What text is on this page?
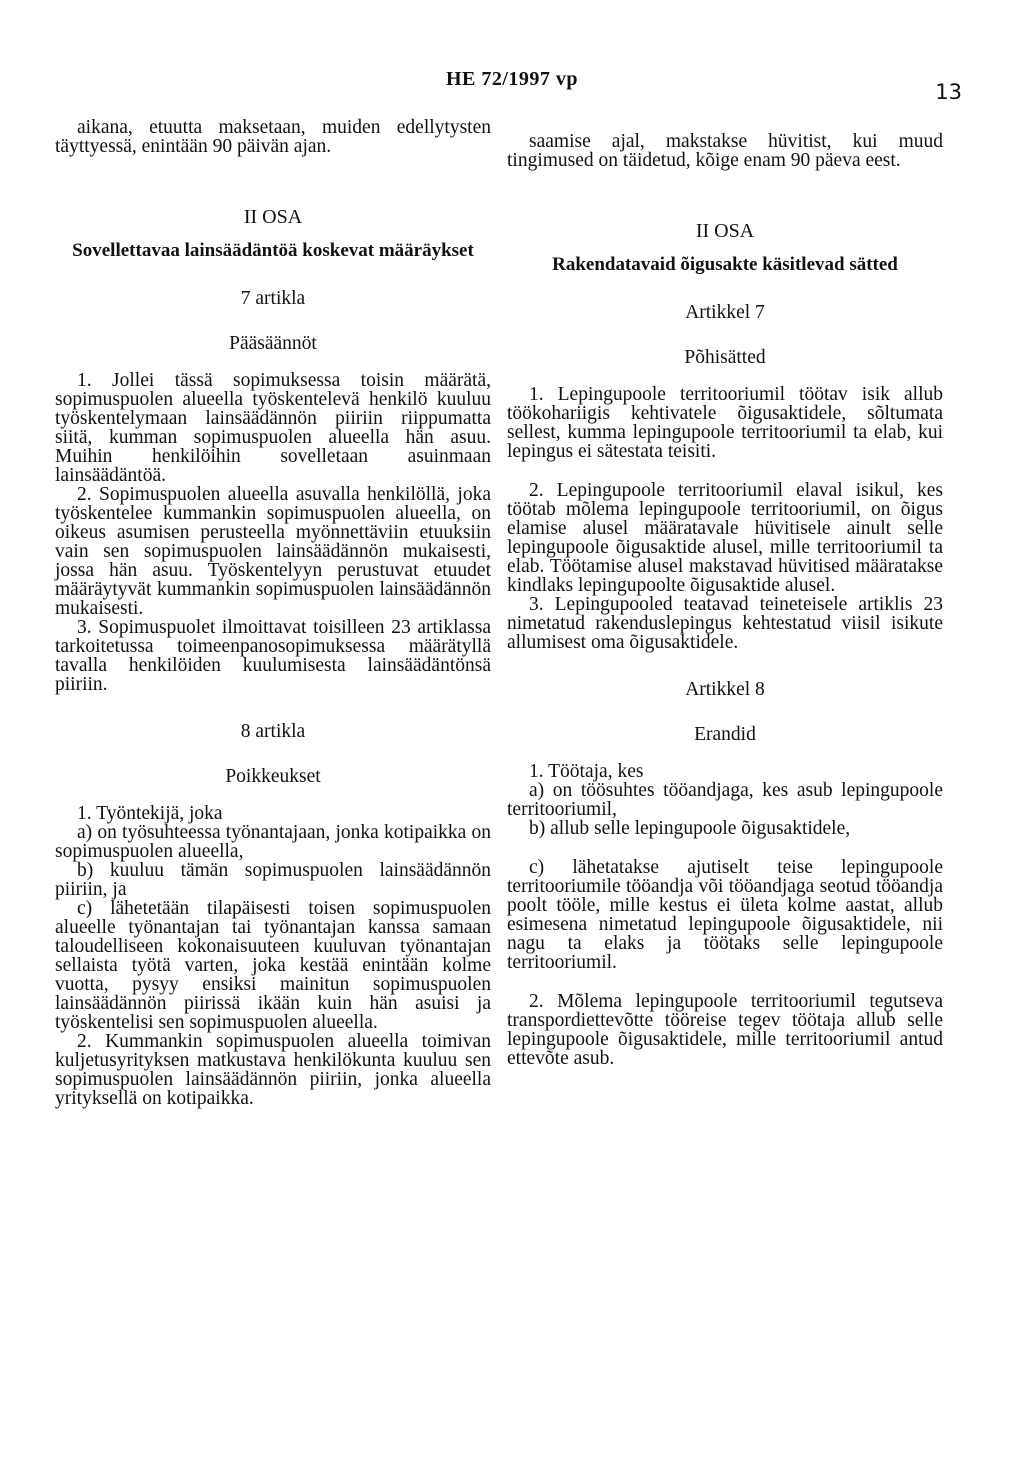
HE 72/1997 vp
13

aikana, etuutta maksetaan, muiden edellytysten täyttyessä, enintään 90 päivän ajan.

II OSA
Sovellettavaa lainsäädäntöä koskevat määräykset
7 artikla
Pääsäännöt

1. Jollei tässä sopimuksessa toisin määrätä, sopimuspuolen alueella työskentelevä henkilö kuuluu työskentelymaan lainsäädännön piiriin riippumatta siitä, kumman sopimuspuolen alueella hän asuu. Muihin henkilöihin sovelletaan asuinmaan lainsäädäntöä.

2. Sopimuspuolen alueella asuvalla henkilöllä, joka työskentelee kummankin sopimuspuolen alueella, on oikeus asumisen perusteella myönnettäviin etuuksiin vain sen sopimuspuolen lainsäädännön mukaisesti, jossa hän asuu. Työskentelyyn perustuvat etuudet määräytyvät kummankin sopimuspuolen lainsäädännön mukaisesti.

3. Sopimuspuolet ilmoittavat toisilleen 23 artiklassa tarkoitetussa toimeenpanosopimuksessa määrätyllä tavalla henkilöiden kuulumisesta lainsäädäntönsä piiriin.

8 artikla
Poikkeukset

1. Työntekijä, joka

a) on työsuhteessa työnantajaan, jonka kotipaikka on sopimuspuolen alueella,

b) kuuluu tämän sopimuspuolen lainsäädännön piiriin, ja

c) lähetetään tilapäisesti toisen sopimuspuolen alueelle työnantajan tai työnantajan kanssa samaan taloudelliseen kokonaisuuteen kuuluvan työnantajan sellaista työtä varten, joka kestää enintään kolme vuotta, pysyy ensiksi mainitun sopimuspuolen lainsäädännön piirissä ikään kuin hän asuisi ja työskentelisi sen sopimuspuolen alueella.

2. Kummankin sopimuspuolen alueella toimivan kuljetusyrityksen matkustava henkilökunta kuuluu sen sopimuspuolen lainsäädännön piiriin, jonka alueella yrityksellä on kotipaikka.

saamise ajal, makstakse hüvitist, kui muud tingimused on täidetud, kõige enam 90 päeva eest.

II OSA
Rakendatavaid õigusakte käsitlevad sätted
Artikkel 7
Põhisätted

1. Lepingupoole territooriumil töötav isik allub töökohariigis kehtivatele õigusaktidele, sõltumata sellest, kumma lepingupoole territooriumil ta elab, kui lepingus ei sätestata teisiti.

2. Lepingupoole territooriumil elaval isikul, kes töötab mõlema lepingupoole territooriumil, on õigus elamise alusel määratavale hüvitisele ainult selle lepingupoole õigusaktide alusel, mille territooriumil ta elab. Töötamise alusel makstavad hüvitised määratakse kindlaks lepingupoolte õigusaktide alusel.

3. Lepingupooled teatavad teineteisele artiklis 23 nimetatud rakenduslepingus kehtestatud viisil isikute allumisest oma õigusaktidele.

Artikkel 8
Erandid

1. Töötaja, kes

a) on töösuhtes tööandjaga, kes asub lepingupoole territooriumil,

b) allub selle lepingupoole õigusaktidele,

c) lähetatakse ajutiselt teise lepingupoole territooriumile tööandja või tööandjaga seotud tööandja poolt tööle, mille kestus ei ületa kolme aastat, allub esimesena nimetatud lepingupoole õigusaktidele, nii nagu ta elaks ja töötaks selle lepingupoole territooriumil.

2. Mõlema lepingupoole territooriumil tegutseva transpordiettevõtte tööreise tegev töötaja allub selle lepingupoole õigusaktidele, mille territooriumil antud ettevõte asub.
